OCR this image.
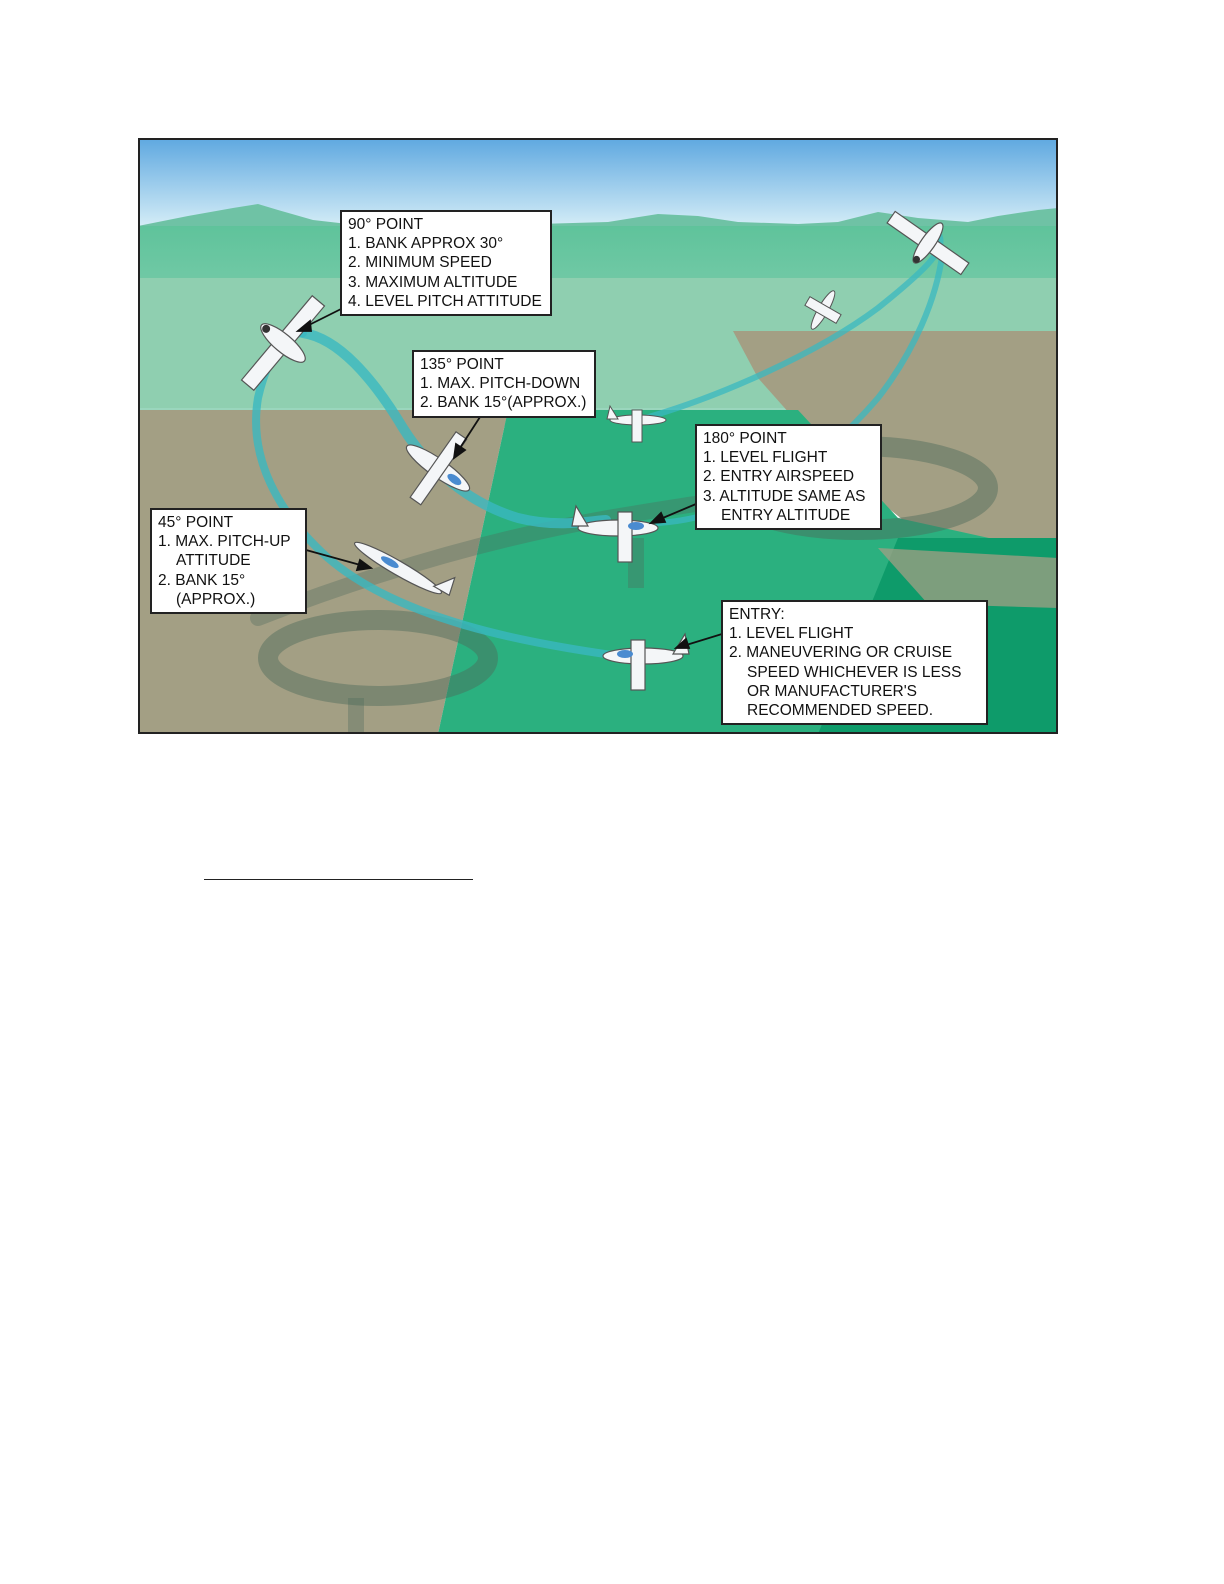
90° POINT
1. BANK APPROX 30°
2. MINIMUM SPEED
3. MAXIMUM ALTITUDE
4. LEVEL PITCH ATTITUDE
135° POINT
1. MAX. PITCH-DOWN
2. BANK 15°(APPROX.)
180° POINT
1. LEVEL FLIGHT
2. ENTRY AIRSPEED
3. ALTITUDE SAME AS
ENTRY ALTITUDE
45° POINT
1. MAX. PITCH-UP
ATTITUDE
2. BANK 15°
(APPROX.)
ENTRY:
1. LEVEL FLIGHT
2. MANEUVERING OR CRUISE
SPEED WHICHEVER IS LESS
OR MANUFACTURER'S
RECOMMENDED SPEED.
